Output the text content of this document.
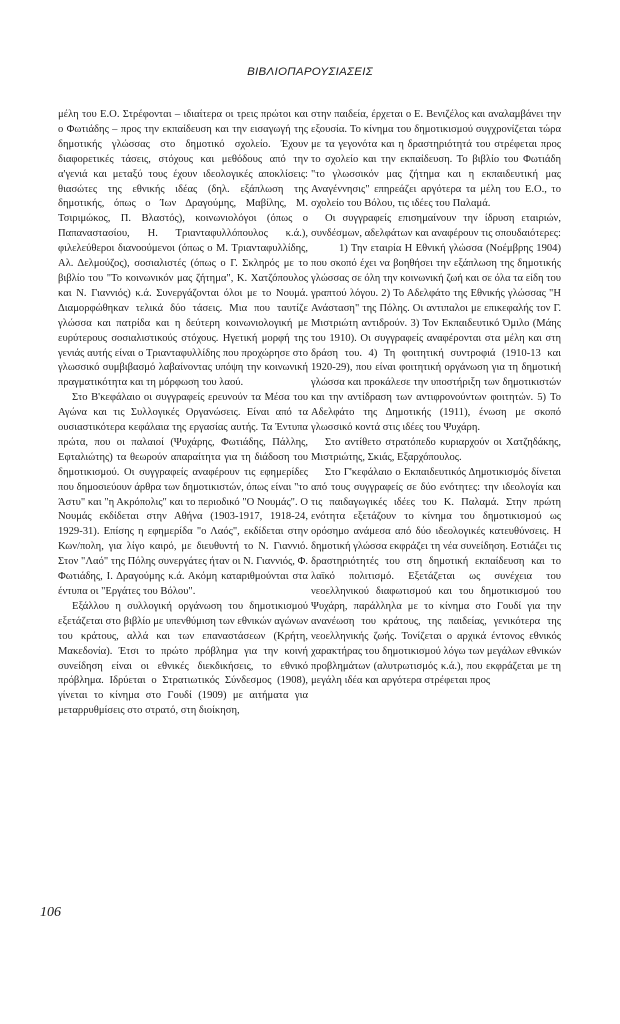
ΒΙΒΛΙΟΠΑΡΟΥΣΙΑΣΕΙΣ

μέλη του Ε.Ο. Στρέφονται – ιδιαίτερα οι τρεις πρώτοι και ο Φωτιάδης – προς την εκπαίδευση και την εισαγωγή της δημοτικής γλώσσας στο δημοτικό σχολείο. Έχουν διαφορετικές τάσεις, στόχους και μεθόδους από την α'γενιά και μεταξύ τους έχουν ιδεολογικές αποκλίσεις: θιασώτες της εθνικής ιδέας (δηλ. εξάπλωση της δημοτικής, όπως ο Ίων Δραγούμης, Μαβίλης, Μ. Τσιριμώκος, Π. Βλαστός), κοινωνιολόγοι (όπως ο Παπαναστασίου, Η. Τριανταφυλλόπουλος κ.ά.), φιλελεύθεροι διανοούμενοι (όπως ο Μ. Τριανταφυλλίδης, Αλ. Δελμούζος), σοσιαλιστές (όπως ο Γ. Σκληρός με το βιβλίο του "Το κοινωνικόν μας ζήτημα", Κ. Χατζόπουλος και Ν. Γιαννιός) κ.ά. Συνεργάζονται όλοι με το Νουμά. Διαμορφώθηκαν τελικά δύο τάσεις. Μια που ταυτίζε γλώσσα και πατρίδα και η δεύτερη κοινωνιολογική με ευρύτερους σοσιαλιστικούς στόχους. Ηγετική μορφή της γενιάς αυτής είναι ο Τριανταφυλλίδης που προχώρησε στο γλωσσικό συμβιβασμό λαβαίνοντας υπόψη την κοινωνική πραγματικότητα και τη μόρφωση του λαού.

Στο Β'κεφάλαιο οι συγγραφείς ερευνούν τα Μέσα του Αγώνα και τις Συλλογικές Οργανώσεις. Είναι από τα ουσιαστικότερα κεφάλαια της εργασίας αυτής. Τα Έντυπα πρώτα, που οι παλαιοί (Ψυχάρης, Φωτιάδης, Πάλλης, Εφταλιώτης) τα θεωρούν απαραίτητα για τη διάδοση του δημοτικισμού. Οι συγγραφείς αναφέρουν τις εφημερίδες που δημοσιεύουν άρθρα των δημοτικιστών, όπως είναι "το Άστυ" και "η Ακρόπολις" και το περιοδικό "Ο Νουμάς". Ο Νουμάς εκδίδεται στην Αθήνα (1903-1917, 1918-24, 1929-31). Επίσης η εφημερίδα "ο Λαός", εκδίδεται στην Κων/πολη, για λίγο καιρό, με διευθυντή το Ν. Γιαννιό. Στον "Λαό" της Πόλης συνεργάτες ήταν οι Ν. Γιαννιός, Φ. Φωτιάδης, Ι. Δραγούμης κ.ά. Ακόμη καταριθμούνται στα έντυπα οι "Εργάτες του Βόλου".

Εξάλλου η συλλογική οργάνωση του δημοτικισμού εξετάζεται στο βιβλίο με υπενθύμιση των εθνικών αγώνων του κράτους, αλλά και των επαναστάσεων (Κρήτη, Μακεδονία). Έτσι το πρώτο πρόβλημα για την κοινή συνείδηση είναι οι εθνικές διεκδικήσεις, το εθνικό πρόβλημα. Ιδρύεται ο Στρατιωτικός Σύνδεσμος (1908), γίνεται το κίνημα στο Γουδί (1909) με αιτήματα για μεταρρυθμίσεις στο στρατό, στη διοίκηση,

στην παιδεία, έρχεται ο Ε. Βενιζέλος και αναλαμβάνει την εξουσία. Το κίνημα του δημοτικισμού συγχρονίζεται τώρα με τα γεγονότα και η δραστηριότητά του στρέφεται προς το σχολείο και την εκπαίδευση. Το βιβλίο του Φωτιάδη "το γλωσσικόν μας ζήτημα και η εκπαιδευτική μας Αναγέννησις" επηρεάζει αργότερα τα μέλη του Ε.Ο., το σχολείο του Βόλου, τις ιδέες του Παλαμά.

Οι συγγραφείς επισημαίνουν την ίδρυση εταιριών, συνδέσμων, αδελφάτων και αναφέρουν τις σπουδαιότερες:

1) Την εταιρία Η Εθνική γλώσσα (Νοέμβρης 1904) που σκοπό έχει να βοηθήσει την εξάπλωση της δημοτικής γλώσσας σε όλη την κοινωνική ζωή και σε όλα τα είδη του γραπτού λόγου. 2) Το Αδελφάτο της Εθνικής γλώσσας "Η Ανάσταση" της Πόλης. Οι αντιπαλοι με επικεφαλής τον Γ. Μιστριώτη αντιδρούν. 3) Τον Εκπαιδευτικό Όμιλο (Μάης του 1910). Οι συγγραφείς αναφέρονται στα μέλη και στη δράση του. 4) Τη φοιτητική συντροφιά (1910-13 και 1920-29), που είναι φοιτητική οργάνωση για τη δημοτική γλώσσα και προκάλεσε την υποστήριξη των δημοτικιστών και την αντίδραση των αντιφρονούντων φοιτητών. 5) Το Αδελφάτο της Δημοτικής (1911), ένωση με σκοπό γλωσσικό κοντά στις ιδέες του Ψυχάρη.

Στο αντίθετο στρατόπεδο κυριαρχούν οι Χατζηδάκης, Μιστριώτης, Σκιάς, Εξαρχόπουλος.

Στο Γ'κεφάλαιο ο Εκπαιδευτικός Δημοτικισμός δίνεται από τους συγγραφείς σε δύο ενότητες: την ιδεολογία και τις παιδαγωγικές ιδέες του Κ. Παλαμά. Στην πρώτη ενότητα εξετάζουν το κίνημα του δημοτικισμού ως ορόσημο ανάμεσα από δύο ιδεολογικές κατευθύνσεις. Η δημοτική γλώσσα εκφράζει τη νέα συνείδηση. Εστιάζει τις δραστηριότητές του στη δημοτική εκπαίδευση και το λαϊκό πολιτισμό. Εξετάζεται ως συνέχεια του νεοελληνικού διαφωτισμού και του δημοτικισμού του Ψυχάρη, παράλληλα με το κίνημα στο Γουδί για την ανανέωση του κράτους, της παιδείας, γενικότερα της νεοελληνικής ζωής. Τονίζεται ο αρχικά έντονος εθνικός χαρακτήρας του δημοτικισμού λόγω των μεγάλων εθνικών προβλημάτων (αλυτρωτισμός κ.ά.), που εκφράζεται με τη μεγάλη ιδέα και αργότερα στρέφεται προς

106
